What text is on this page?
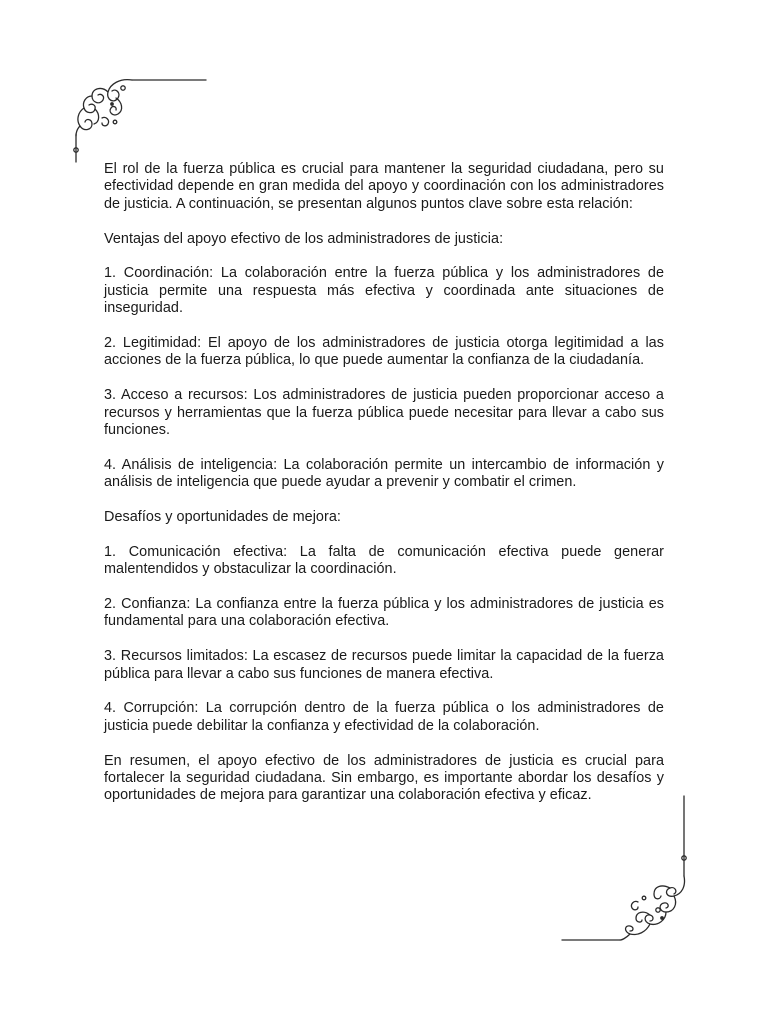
El rol de la fuerza pública es crucial para mantener la seguridad ciudadana, pero su efectividad depende en gran medida del apoyo y coordinación con los administradores de justicia. A continuación, se presentan algunos puntos clave sobre esta relación:

Ventajas del apoyo efectivo de los administradores de justicia:

1. Coordinación: La colaboración entre la fuerza pública y los administradores de justicia permite una respuesta más efectiva y coordinada ante situaciones de inseguridad.

2. Legitimidad: El apoyo de los administradores de justicia otorga legitimidad a las acciones de la fuerza pública, lo que puede aumentar la confianza de la ciudadanía.

3. Acceso a recursos: Los administradores de justicia pueden proporcionar acceso a recursos y herramientas que la fuerza pública puede necesitar para llevar a cabo sus funciones.

4. Análisis de inteligencia: La colaboración permite un intercambio de información y análisis de inteligencia que puede ayudar a prevenir y combatir el crimen.

Desafíos y oportunidades de mejora:

1. Comunicación efectiva: La falta de comunicación efectiva puede generar malentendidos y obstaculizar la coordinación.

2. Confianza: La confianza entre la fuerza pública y los administradores de justicia es fundamental para una colaboración efectiva.

3. Recursos limitados: La escasez de recursos puede limitar la capacidad de la fuerza pública para llevar a cabo sus funciones de manera efectiva.

4. Corrupción: La corrupción dentro de la fuerza pública o los administradores de justicia puede debilitar la confianza y efectividad de la colaboración.

En resumen, el apoyo efectivo de los administradores de justicia es crucial para fortalecer la seguridad ciudadana. Sin embargo, es importante abordar los desafíos y oportunidades de mejora para garantizar una colaboración efectiva y eficaz.
